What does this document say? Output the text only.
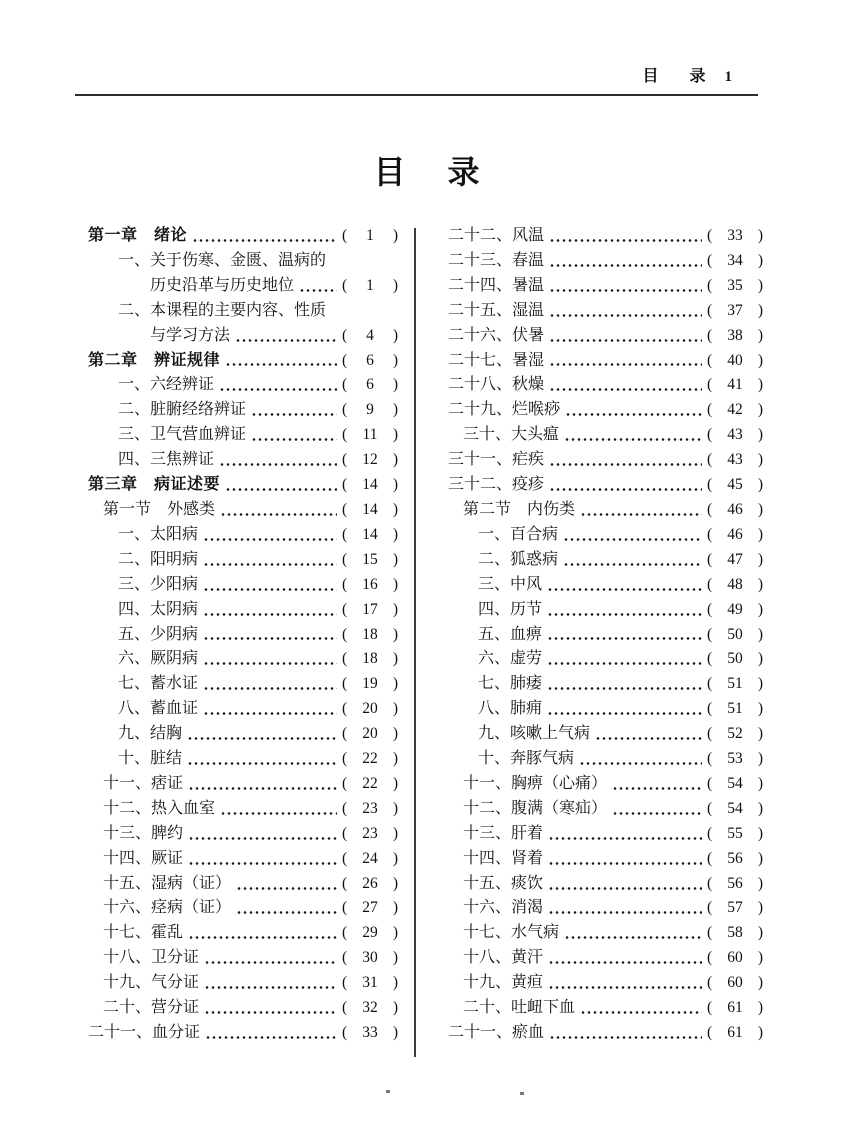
目 录 1
目 录
第一章　绪论	(	1	)
一、关于伤寒、金匮、温病的
历史沿革与历史地位	(	1	)
二、本课程的主要内容、性质
与学习方法	(	4	)
第二章　辨证规律	(	6	)
一、六经辨证	(	6	)
二、脏腑经络辨证	(	9	)
三、卫气营血辨证	( 11 )
四、三焦辨证	( 12 )
第三章　病证述要	( 14 )
第一节　外感类	( 14 )
一、太阳病	( 14 )
二、阳明病	( 15 )
三、少阳病	( 16 )
四、太阴病	( 17 )
五、少阴病	( 18 )
六、厥阴病	( 18 )
七、蓄水证	( 19 )
八、蓄血证	( 20 )
九、结胸	( 20 )
十、脏结	( 22 )
十一、痞证	( 22 )
十二、热入血室	( 23 )
十三、脾约	( 23 )
十四、厥证	( 24 )
十五、湿病（证）	( 26 )
十六、痉病（证）	( 27 )
十七、霍乱	( 29 )
十八、卫分证	( 30 )
十九、气分证	( 31 )
二十、营分证	( 32 )
二十一、血分证	( 33 )
二十二、风温	( 33 )
二十三、春温	( 34 )
二十四、暑温	( 35 )
二十五、湿温	( 37 )
二十六、伏暑	( 38 )
二十七、暑湿	( 40 )
二十八、秋燥	( 41 )
二十九、烂喉痧	( 42 )
三十、大头瘟	( 43 )
三十一、疟疾	( 43 )
三十二、疫疹	( 45 )
第二节　内伤类	( 46 )
一、百合病	( 46 )
二、狐惑病	( 47 )
三、中风	( 48 )
四、历节	( 49 )
五、血痹	( 50 )
六、虚劳	( 50 )
七、肺痿	( 51 )
八、肺痈	( 51 )
九、咳嗽上气病	( 52 )
十、奔豚气病	( 53 )
十一、胸痹（心痛）	( 54 )
十二、腹满（寒疝）	( 54 )
十三、肝着	( 55 )
十四、肾着	( 56 )
十五、痰饮	( 56 )
十六、消渴	( 57 )
十七、水气病	( 58 )
十八、黄汗	( 60 )
十九、黄疸	( 60 )
二十、吐衄下血	( 61 )
二十一、瘀血	( 61 )
